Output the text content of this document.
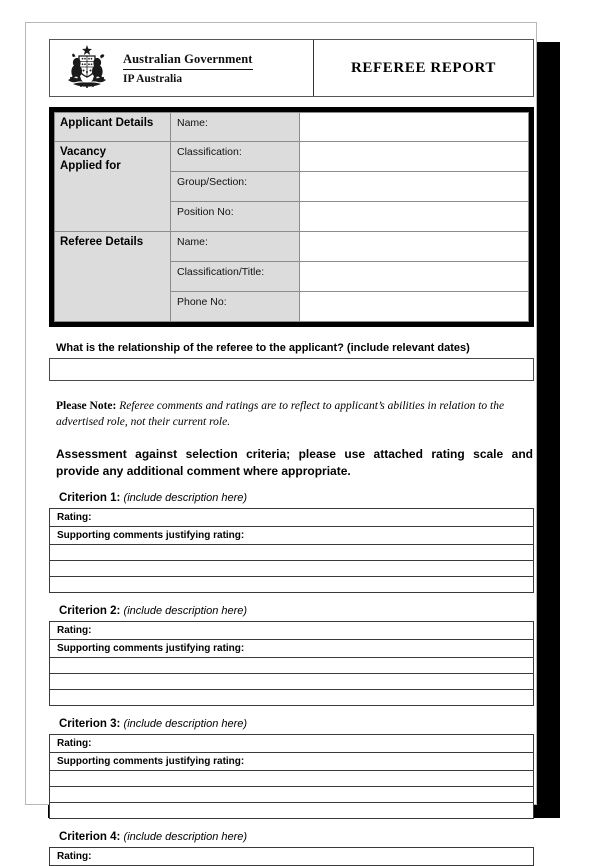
Australian Government
IP Australia
REFEREE REPORT
Applicant Details	Name:	
Vacancy
Applied for	Classification:	
	Group/Section:	
	Position No:	
Referee Details	Name:	
	Classification/Title:	
	Phone No:	
What is the relationship of the referee to the applicant? (include relevant dates)
Please Note: Referee comments and ratings are to reflect to applicant’s abilities in relation to the advertised role, not their current role.
Assessment against selection criteria; please use attached rating scale and provide any additional comment where appropriate.
Criterion 1: (include description here)
Rating:
Supporting comments justifying rating:

Criterion 2: (include description here)
Rating:
Supporting comments justifying rating:

Criterion 3: (include description here)
Rating:
Supporting comments justifying rating:

Criterion 4: (include description here)
Rating:
